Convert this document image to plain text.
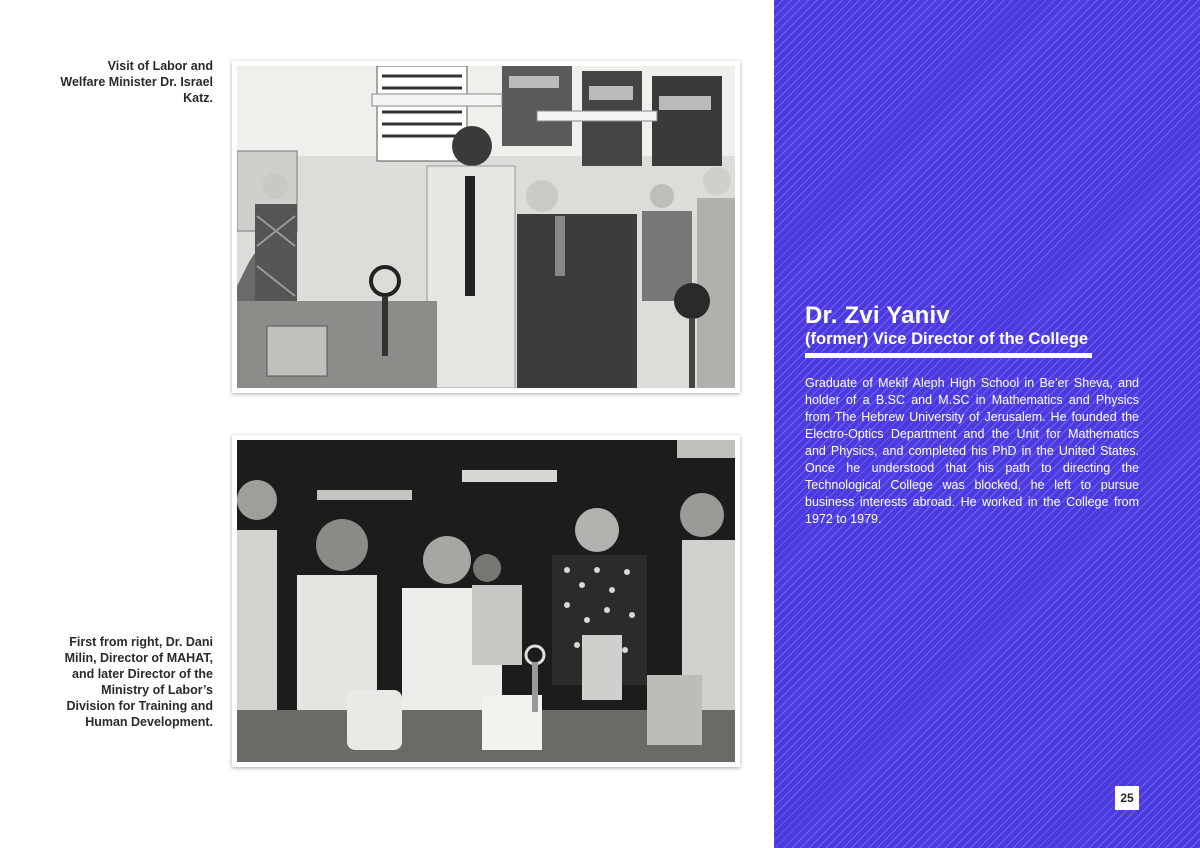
Visit of Labor and Welfare Minister Dr. Israel Katz.
First from right, Dr. Dani Milin, Director of MAHAT, and later Director of the Ministry of Labor’s Division for Training and Human Development.
Dr. Zvi Yaniv
(former) Vice Director of the College

Graduate of Mekif Aleph High School in Be’er Sheva, and holder of a B.SC and M.SC in Mathematics and Physics from The Hebrew University of Jerusalem. He founded the Electro-Optics Department and the Unit for Mathematics and Physics, and completed his PhD in the United States. Once he understood that his path to directing the Technological College was blocked, he left to pursue business interests abroad. He worked in the College from 1972 to 1979.

25
